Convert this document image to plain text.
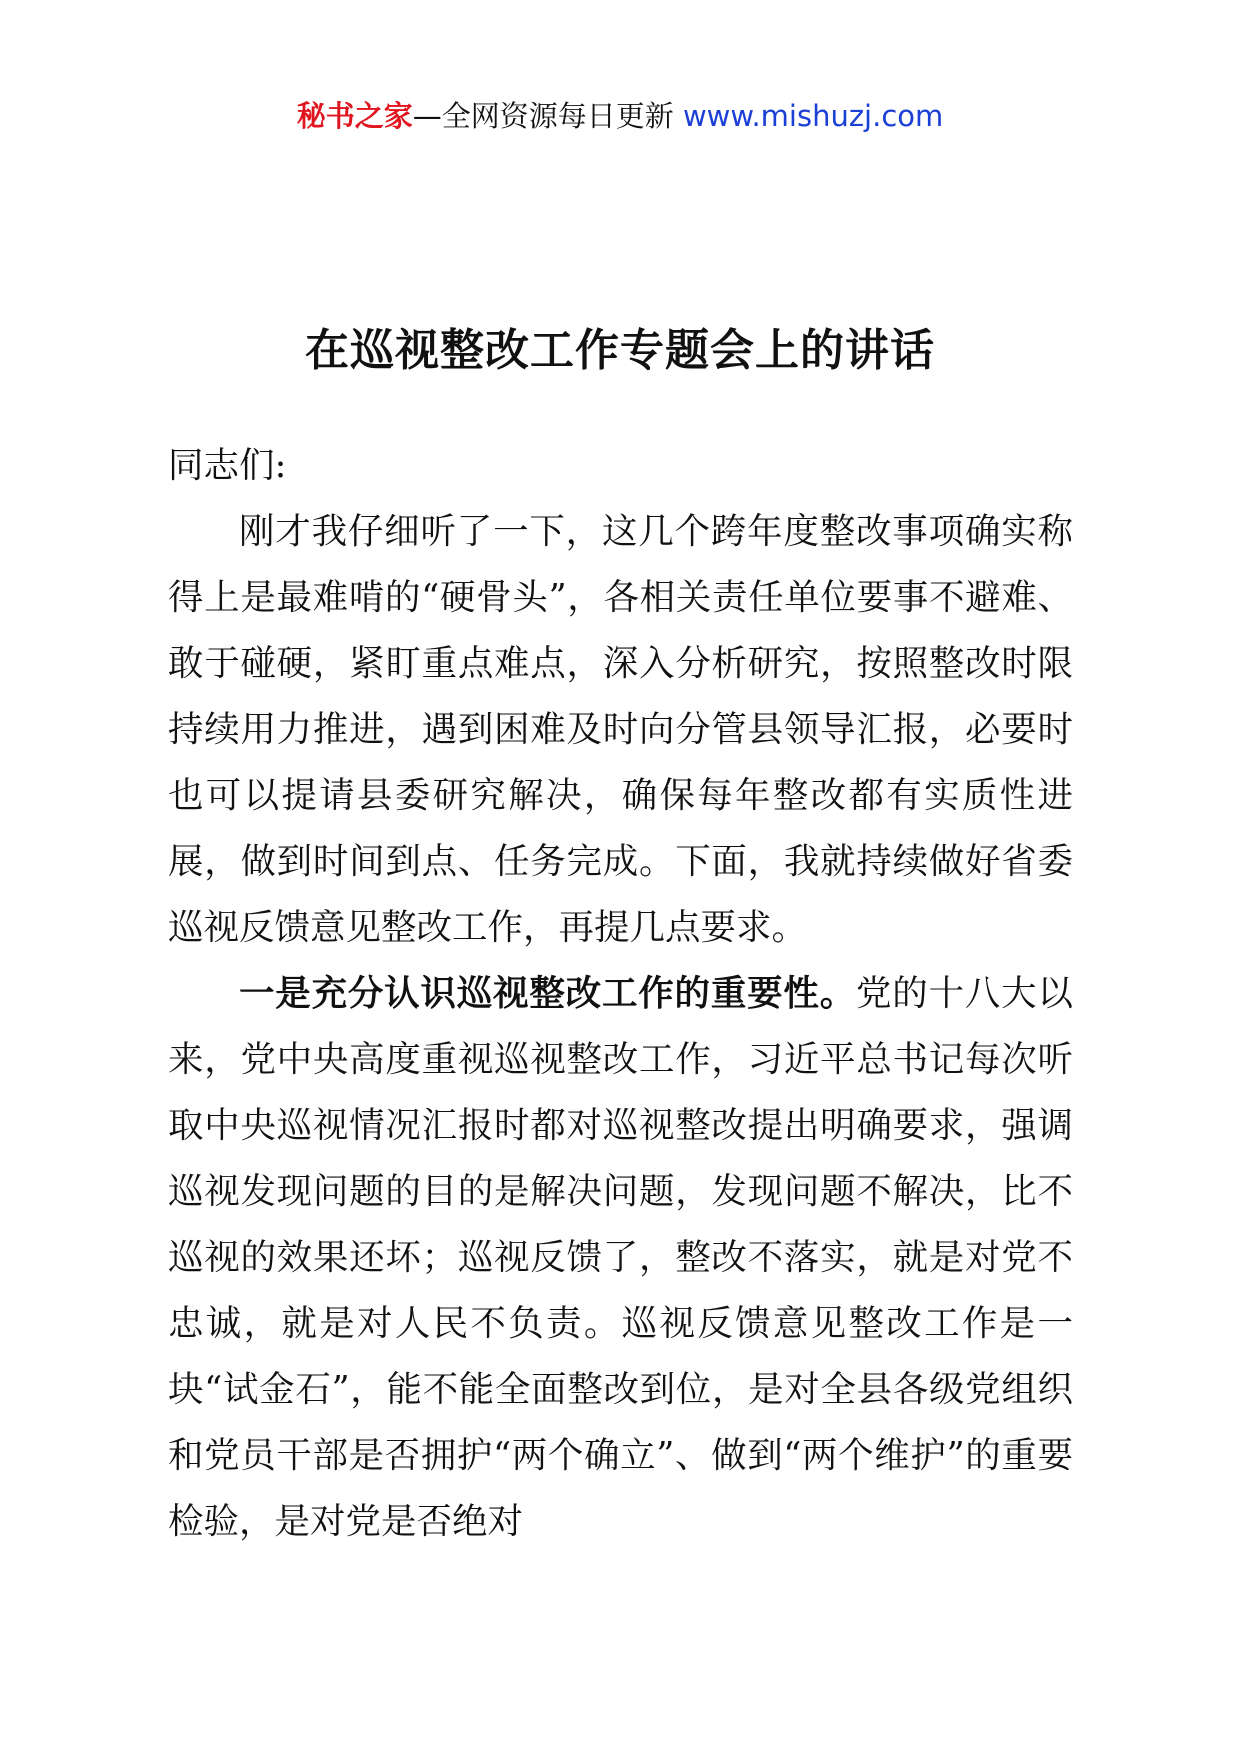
秘书之家—全网资源每日更新 www.mishuzj.com
在巡视整改工作专题会上的讲话

同志们:

刚才我仔细听了一下，这几个跨年度整改事项确实称得上是最难啃的“硬骨头”，各相关责任单位要事不避难、敢于碰硬，紧盯重点难点，深入分析研究，按照整改时限持续用力推进，遇到困难及时向分管县领导汇报，必要时也可以提请县委研究解决，确保每年整改都有实质性进展，做到时间到点、任务完成。下面，我就持续做好省委巡视反馈意见整改工作，再提几点要求。

一是充分认识巡视整改工作的重要性。党的十八大以来，党中央高度重视巡视整改工作，习近平总书记每次听取中央巡视情况汇报时都对巡视整改提出明确要求，强调巡视发现问题的目的是解决问题，发现问题不解决，比不巡视的效果还坏；巡视反馈了，整改不落实，就是对党不忠诚，就是对人民不负责。巡视反馈意见整改工作是一块“试金石”，能不能全面整改到位，是对全县各级党组织和党员干部是否拥护“两个确立”、做到“两个维护”的重要检验，是对党是否绝对
